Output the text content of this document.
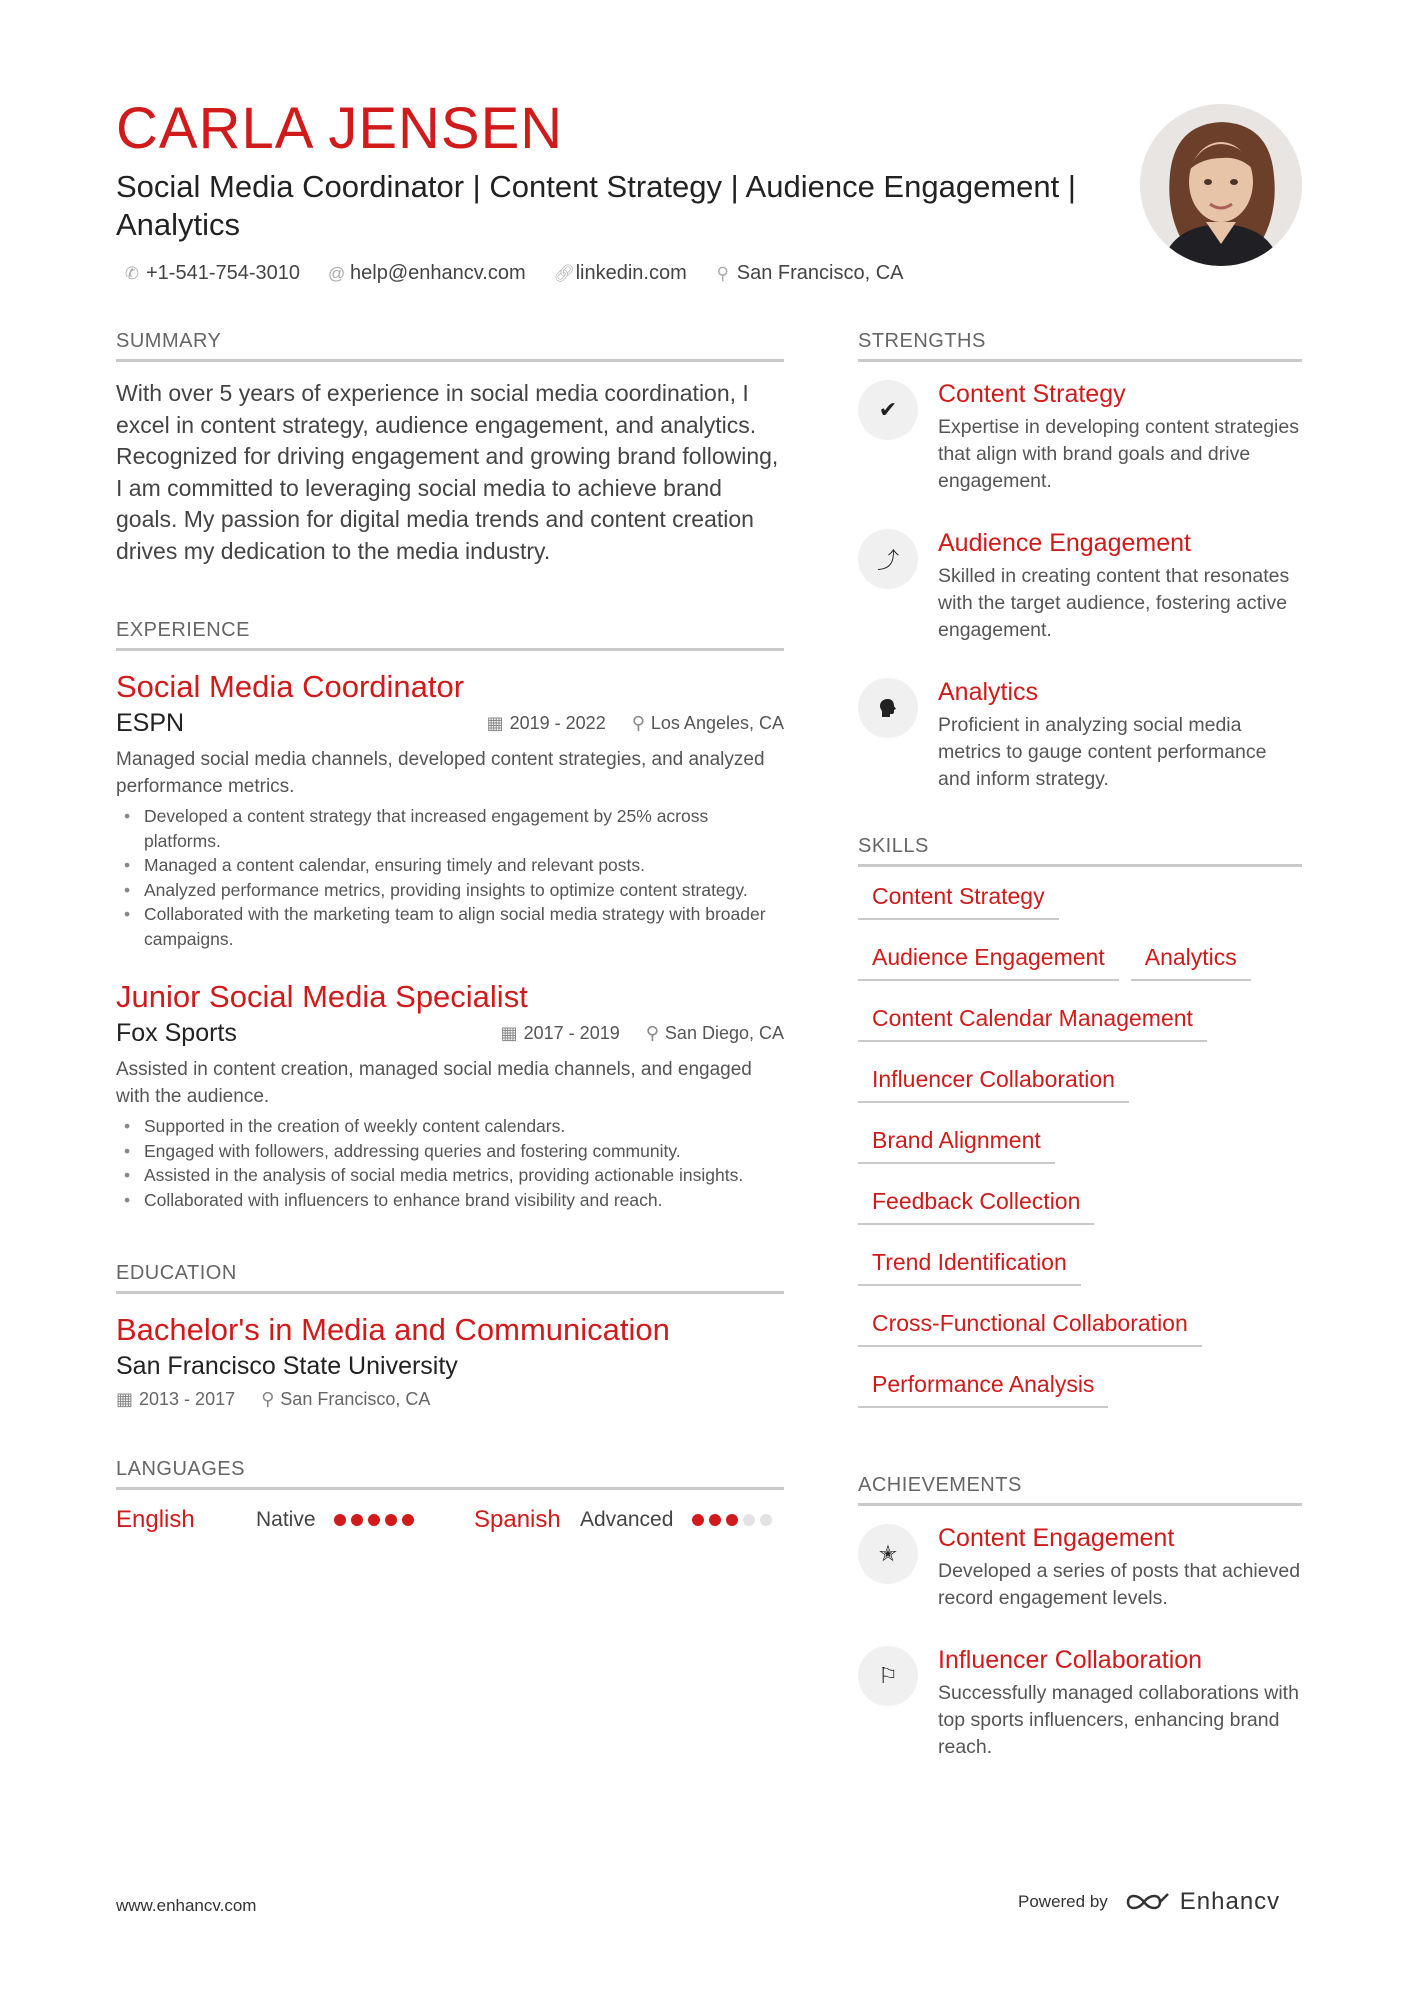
CARLA JENSEN
Social Media Coordinator | Content Strategy | Audience Engagement | Analytics
✆ +1-541-754-3010 @ help@enhancv.com 🔗︎ linkedin.com ⚲ San Francisco, CA
SUMMARY

With over 5 years of experience in social media coordination, I excel in content strategy, audience engagement, and analytics. Recognized for driving engagement and growing brand following, I am committed to leveraging social media to achieve brand goals. My passion for digital media trends and content creation drives my dedication to the media industry.

EXPERIENCE
Social Media Coordinator
ESPN	▦ 2019 - 2022 ⚲ Los Angeles, CA
Managed social media channels, developed content strategies, and analyzed performance metrics.
• Developed a content strategy that increased engagement by 25% across platforms.
• Managed a content calendar, ensuring timely and relevant posts.
• Analyzed performance metrics, providing insights to optimize content strategy.
• Collaborated with the marketing team to align social media strategy with broader campaigns.
Junior Social Media Specialist
Fox Sports	▦ 2017 - 2019 ⚲ San Diego, CA
Assisted in content creation, managed social media channels, and engaged with the audience.
• Supported in the creation of weekly content calendars.
• Engaged with followers, addressing queries and fostering community.
• Assisted in the analysis of social media metrics, providing actionable insights.
• Collaborated with influencers to enhance brand visibility and reach.
EDUCATION
Bachelor's in Media and Communication
San Francisco State University
▦ 2013 - 2017 ⚲ San Francisco, CA
LANGUAGES
English	Native	Spanish Advanced
STRENGTHS
✔
Content Strategy
Expertise in developing content strategies that align with brand goals and drive engagement.
⤴
Audience Engagement
Skilled in creating content that resonates with the target audience, fostering active engagement.
Analytics
Proficient in analyzing social media metrics to gauge content performance and inform strategy.
SKILLS
Content Strategy
Audience Engagement	Analytics
Content Calendar Management
Influencer Collaboration
Brand Alignment
Feedback Collection
Trend Identification
Cross-Functional Collaboration
Performance Analysis
ACHIEVEMENTS
✭
Content Engagement
Developed a series of posts that achieved record engagement levels.
⚐
Influencer Collaboration
Successfully managed collaborations with top sports influencers, enhancing brand reach.
www.enhancv.com	Powered by	Enhancv
